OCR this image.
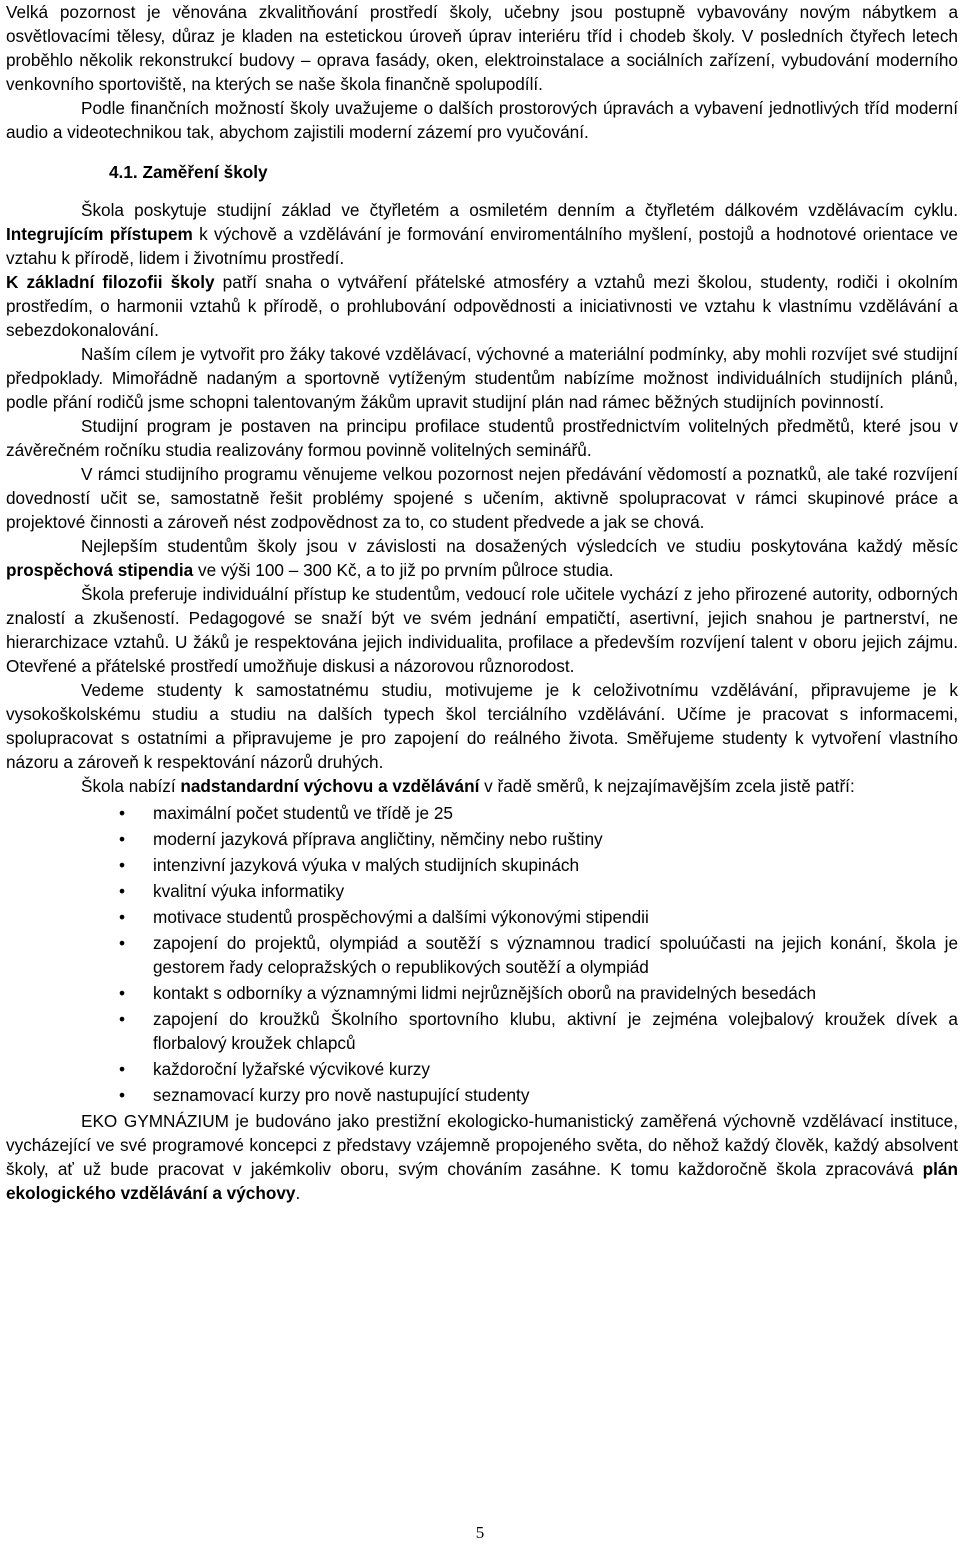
Velká pozornost je věnována zkvalitňování prostředí školy, učebny jsou postupně vybavovány novým nábytkem a osvětlovacími tělesy, důraz je kladen na estetickou úroveň úprav interiéru tříd i chodeb školy. V posledních čtyřech letech proběhlo několik rekonstrukcí budovy – oprava fasády, oken, elektroinstalace a sociálních zařízení, vybudování moderního venkovního sportoviště, na kterých se naše škola finančně spolupodílí.

Podle finančních možností školy uvažujeme o dalších prostorových úpravách a vybavení jednotlivých tříd moderní audio a videotechnikou tak, abychom zajistili moderní zázemí pro vyučování.

4.1. Zaměření školy

Škola poskytuje studijní základ ve čtyřletém a osmiletém denním a čtyřletém dálkovém vzdělávacím cyklu. Integrujícím přístupem k výchově a vzdělávání je formování enviromentálního myšlení, postojů a hodnotové orientace ve vztahu k přírodě, lidem i životnímu prostředí.

K základní filozofii školy patří snaha o vytváření přátelské atmosféry a vztahů mezi školou, studenty, rodiči i okolním prostředím, o harmonii vztahů k přírodě, o prohlubování odpovědnosti a iniciativnosti ve vztahu k vlastnímu vzdělávání a sebezdokonalování.

Naším cílem je vytvořit pro žáky takové vzdělávací, výchovné a materiální podmínky, aby mohli rozvíjet své studijní předpoklady. Mimořádně nadaným a sportovně vytíženým studentům nabízíme možnost individuálních studijních plánů, podle přání rodičů jsme schopni talentovaným žákům upravit studijní plán nad rámec běžných studijních povinností.

Studijní program je postaven na principu profilace studentů prostřednictvím volitelných předmětů, které jsou v závěrečném ročníku studia realizovány formou povinně volitelných seminářů.

V rámci studijního programu věnujeme velkou pozornost nejen předávání vědomostí a poznatků, ale také rozvíjení dovedností učit se, samostatně řešit problémy spojené s učením, aktivně spolupracovat v rámci skupinové práce a projektové činnosti a zároveň nést zodpovědnost za to, co student předvede a jak se chová.

Nejlepším studentům školy jsou v závislosti na dosažených výsledcích ve studiu poskytována každý měsíc prospěchová stipendia ve výši 100 – 300 Kč, a to již po prvním půlroce studia.

Škola preferuje individuální přístup ke studentům, vedoucí role učitele vychází z jeho přirozené autority, odborných znalostí a zkušeností. Pedagogové se snaží být ve svém jednání empatičtí, asertivní, jejich snahou je partnerství, ne hierarchizace vztahů. U žáků je respektována jejich individualita, profilace a především rozvíjení talent v oboru jejich zájmu. Otevřené a přátelské prostředí umožňuje diskusi a názorovou různorodost.

Vedeme studenty k samostatnému studiu, motivujeme je k celoživotnímu vzdělávání, připravujeme je k vysokoškolskému studiu a studiu na dalších typech škol terciálního vzdělávání. Učíme je pracovat s informacemi, spolupracovat s ostatními a připravujeme je pro zapojení do reálného života. Směřujeme studenty k vytvoření vlastního názoru a zároveň k respektování názorů druhých.

Škola nabízí nadstandardní výchovu a vzdělávání v řadě směrů, k nejzajímavějším zcela jistě patří:

•	maximální počet studentů ve třídě je 25
•	moderní jazyková příprava angličtiny, němčiny nebo ruštiny
•	intenzivní jazyková výuka v malých studijních skupinách
•	kvalitní výuka informatiky
•	motivace studentů prospěchovými a dalšími výkonovými stipendii
•	zapojení do projektů, olympiád a soutěží s významnou tradicí spoluúčasti na jejich konání, škola je gestorem řady celopražských o republikových soutěží a olympiád
•	kontakt s odborníky a významnými lidmi nejrůznějších oborů na pravidelných besedách
•	zapojení do kroužků Školního sportovního klubu, aktivní je zejména volejbalový kroužek dívek a florbalový kroužek chlapců
•	každoroční lyžařské výcvikové kurzy
•	seznamovací kurzy pro nově nastupující studenty

EKO GYMNÁZIUM je budováno jako prestižní ekologicko-humanistický zaměřená výchovně vzdělávací instituce, vycházející ve své programové koncepci z představy vzájemně propojeného světa, do něhož každý člověk, každý absolvent školy, ať už bude pracovat v jakémkoliv oboru, svým chováním zasáhne. K tomu každoročně škola zpracovává plán ekologického vzdělávání a výchovy.

5
